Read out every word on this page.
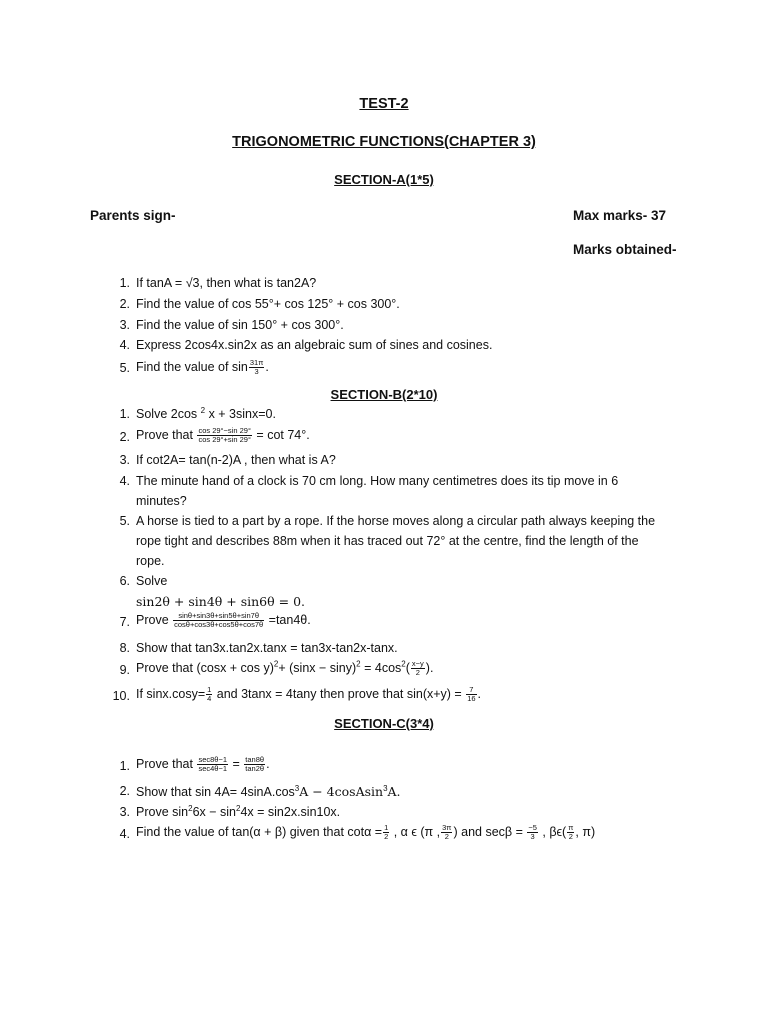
TEST-2
TRIGONOMETRIC FUNCTIONS(CHAPTER 3)
SECTION-A(1*5)
Parents sign-	Max marks- 37
Marks obtained-
1. If tanA = √3, then what is tan2A?
2. Find the value of cos 55°+ cos 125° + cos 300°.
3. Find the value of sin 150° + cos 300°.
4. Express 2cos4x.sin2x as an algebraic sum of sines and cosines.
5. Find the value of $\sin \frac{31\pi}{3}$ .
SECTION-B(2*10)
1. Solve 2cos $^2$ x + 3sinx=0.
2. Prove that $\frac{\cos 29^\circ-\sin 29^\circ}{\cos 29^\circ+\sin 29^\circ} = \cot 74^\circ$.
3. If cot2A= tan(n-2)A , then what is A?
4. The minute hand of a clock is 70 cm long. How many centimetres does its tip move in 6
minutes?
5. A horse is tied to a part by a rope. If the horse moves along a circular path always keeping the
rope tight and describes 88m when it has traced out 72° at the centre, find the length of the
rope.
6. Solve
sin2θ + sin4θ + sin6θ = 0.
7. Prove $\frac{\sin\theta+\sin 3\theta+\sin 5\theta+\sin 7\theta}{\cos\theta+\cos 3\theta+\cos 5\theta+\cos 7\theta} =\tan 4\theta$.
8. Show that tan3x.tan2x.tanx = tan3x-tan2x-tanx.
9. Prove that $(\cos x + \cos y)^2+ (\sin x - \sin y)^2 = 4\cos^2( \frac{x-y}{2}$ ).
10. If $\sin x.\cos y= \frac{1}{4}$ and 3tanx = 4tany then prove that $\sin(x+y) = \frac{7}{16}$ .
SECTION-C(3*4)
1. Prove that $\frac{\sec 8\theta-1}{\sec 4\theta-1} = \frac{\tan 8\theta}{\tan 2\theta}$ .
2. Show that $\sin 4A= 4\sin A.\cos^3A$ − 4cosAsin$^3$A.
3. Prove $\sin^26x - \sin^24x = \sin 2x.\sin 10x$.
4. Find the value of tan(α + β) given that $\cot\alpha = \frac{1}{2}$ , α ϵ (π , $\frac{3\pi}{2}$ ) and $\sec\beta = \frac{-5}{3}$ , $\beta\epsilon( \frac{\pi}{2}$ , π)
